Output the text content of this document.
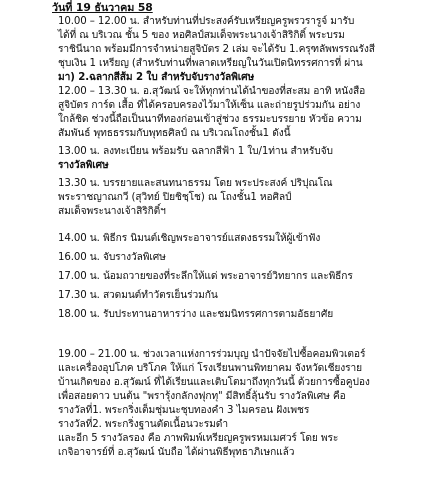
วันที่ 19 ธันวาคม 58
10.00 – 12.00 น. สำหรับท่านที่ประสงค์รับเหรียญครูพรวรารูจ์ มารับ
ได้ที่ ณ บริเวณ ชั้น 5 ของ หอศิลป์สมเด็จพระนางเจ้าสิริกิติ์ พระบรม
ราชินีนาถ พร้อมมีการจำหน่ายสูจิบัตร 2 เล่ม จะได้รับ 1.ครุฑลัพพรรณรังสี
ชุบเงิน 1 เหรียญ (สำหรับท่านที่พลาดเหรียญในวันเปิดนิทรรศการที่ ผ่าน
มา) 2.ฉลากสีส้ม 2 ใบ สำหรับจับรางวัลพิเศษ
12.00 – 13.30 น. อ.สุวัฒน์ จะให้ทุกท่านได้นำของที่สะสม อาทิ หนังสือ
สูจิบัตร การ์ด เสื้อ ที่ได้ครอบครองไว้มาให้เซ็น และถ่ายรูปร่วมกัน อย่าง
ใกล้ชิด ช่วงนี้ถือเป็นนาทีทองก่อนเข้าสู่ช่วง ธรรมะบรรยาย หัวข้อ ความ
สัมพันธ์ พุทธธรรมกับพุทธศิลป์ ณ บริเวณโถงชั้น1 ดังนี้
13.00 น. ลงทะเบียน พร้อมรับ ฉลากสีฟ้า 1 ใบ/1ท่าน สำหรับจับ
รางวัลพิเศษ
13.30 น. บรรยายและสนทนาธรรม โดย พระประสงค์ ปริปุณโณ
พระราชญาณกวี (สุวิทย์ ปิยชิชฺโช) ณ โถงชั้น1 หอศิลป์
สมเด็จพระนางเจ้าสิริกิติ์ฯ
14.00 น. พิธีกร นิมนต์เชิญพระอาจารย์แสดงธรรมให้ผู้เข้าฟัง
16.00 น. จับรางวัลพิเศษ
17.00 น. น้อมถวายของที่ระลึกให้แด่ พระอาจารย์วิทยากร และพิธีกร
17.30 น. สวดมนต์ทำวัตรเย็นร่วมกัน
18.00 น. รับประทานอาหารว่าง และชมนิทรรศการตามอัธยาศัย
19.00 – 21.00 น. ช่วงเวลาแห่งการร่วมบุญ นำปัจจัยไปซื้อคอมพิวเตอร์
และเครื่องอุปโภค บริโภค ให้แก่ โรงเรียนพานพิทยาคม จังหวัดเชียงราย
บ้านเกิดของ อ.สุวัฒน์ ที่ได้เรียนและเติบโตมาถึงทุกวันนี้ ด้วยการซื้อคูปอง
เพื่อสอยดาว บนต้น "พรารุ้งกลักงฟุกทุ" มีสิทธิ์ลุ้นรับ รางวัลพิเศษ คือ
รางวัลที่1. พระกริ่งเต็มชุ่มนะชุบทองคำ 3 ไมครอน ฝังเพชร
รางวัลที่2. พระกริ่งฐานตัดเนื้อนวะรมดำ
และอีก 5 รางวัลรอง คือ ภาพพิมพ์เหรียญครูพรหมเมศวร์ โดย พระ
เกจิอาจารย์ที่ อ.สุวัฒน์ นับถือ ได้ผ่านพิธีพุทธาภิเษกแล้ว
